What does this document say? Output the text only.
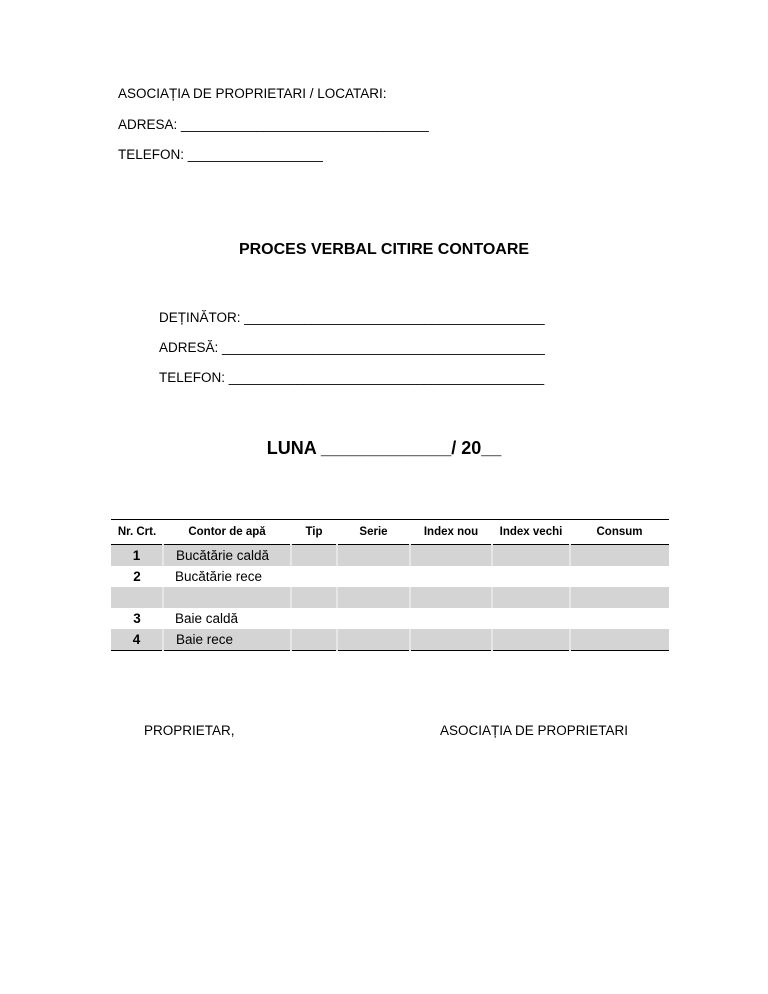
ASOCIAȚIA DE PROPRIETARI / LOCATARI:
ADRESA: _________________________________
TELEFON: __________________
PROCES VERBAL CITIRE CONTOARE
DEȚINĂTOR: ________________________________________
ADRESĂ: ___________________________________________
TELEFON: __________________________________________
LUNA _____________/ 20__
Nr. Crt.	Contor de apă	Tip	Serie	Index nou	Index vechi	Consum
1	Bucătărie caldă					
2	Bucătărie rece					

3	Baie caldă					
4	Baie rece					
PROPRIETAR,	ASOCIAȚIA DE PROPRIETARI
